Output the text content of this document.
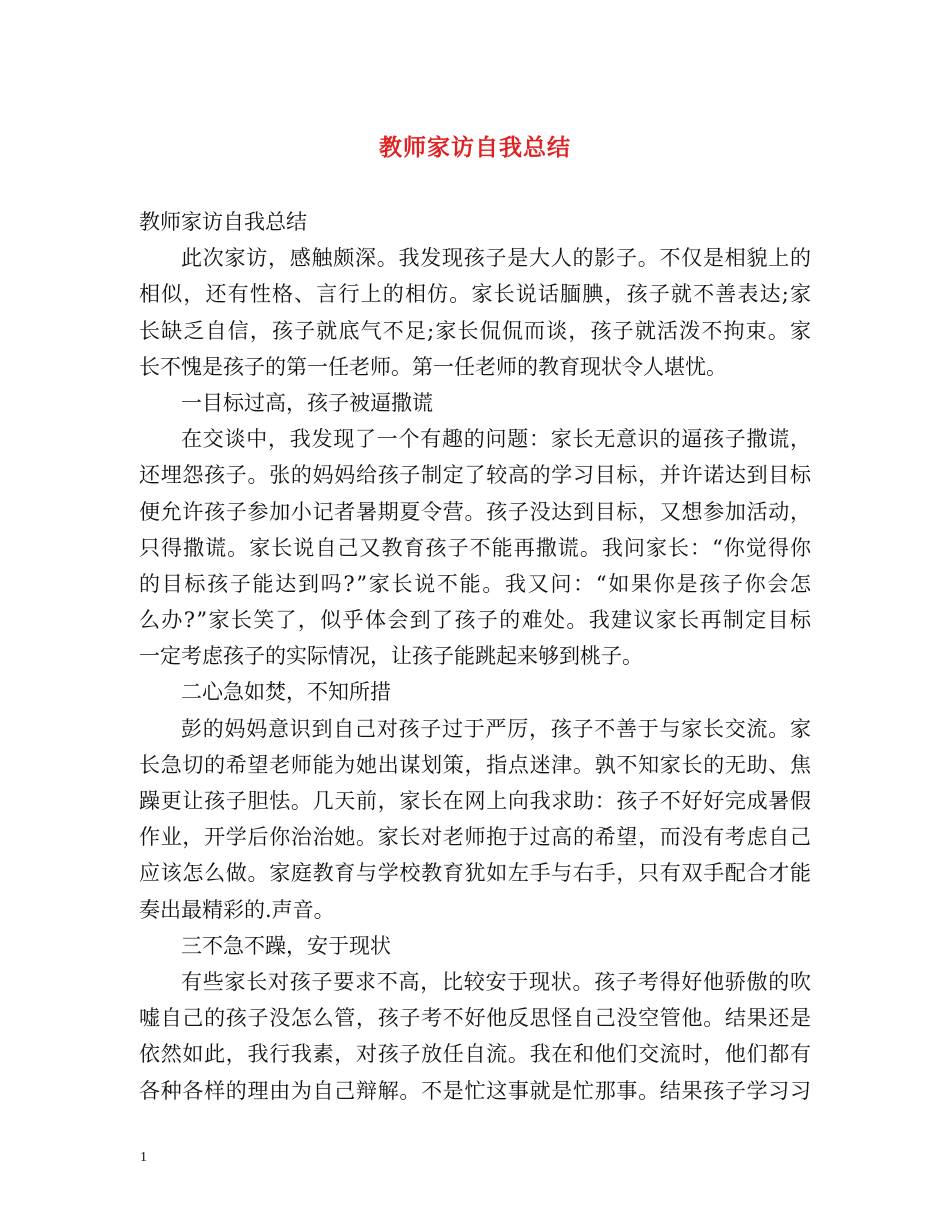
教师家访自我总结
教师家访自我总结
此次家访，感触颇深。我发现孩子是大人的影子。不仅是相貌上的
相似，还有性格、言行上的相仿。家长说话腼腆，孩子就不善表达;家
长缺乏自信，孩子就底气不足;家长侃侃而谈，孩子就活泼不拘束。家
长不愧是孩子的第一任老师。第一任老师的教育现状令人堪忧。
一目标过高，孩子被逼撒谎
在交谈中，我发现了一个有趣的问题：家长无意识的逼孩子撒谎，
还埋怨孩子。张的妈妈给孩子制定了较高的学习目标，并许诺达到目标
便允许孩子参加小记者暑期夏令营。孩子没达到目标，又想参加活动，
只得撒谎。家长说自己又教育孩子不能再撒谎。我问家长：“你觉得你
的目标孩子能达到吗?”家长说不能。我又问：“如果你是孩子你会怎
么办?”家长笑了，似乎体会到了孩子的难处。我建议家长再制定目标
一定考虑孩子的实际情况，让孩子能跳起来够到桃子。
二心急如焚，不知所措
彭的妈妈意识到自己对孩子过于严厉，孩子不善于与家长交流。家
长急切的希望老师能为她出谋划策，指点迷津。孰不知家长的无助、焦
躁更让孩子胆怯。几天前，家长在网上向我求助：孩子不好好完成暑假
作业，开学后你治治她。家长对老师抱于过高的希望，而没有考虑自己
应该怎么做。家庭教育与学校教育犹如左手与右手，只有双手配合才能
奏出最精彩的.声音。
三不急不躁，安于现状
有些家长对孩子要求不高，比较安于现状。孩子考得好他骄傲的吹
嘘自己的孩子没怎么管，孩子考不好他反思怪自己没空管他。结果还是
依然如此，我行我素，对孩子放任自流。我在和他们交流时，他们都有
各种各样的理由为自己辩解。不是忙这事就是忙那事。结果孩子学习习
1
